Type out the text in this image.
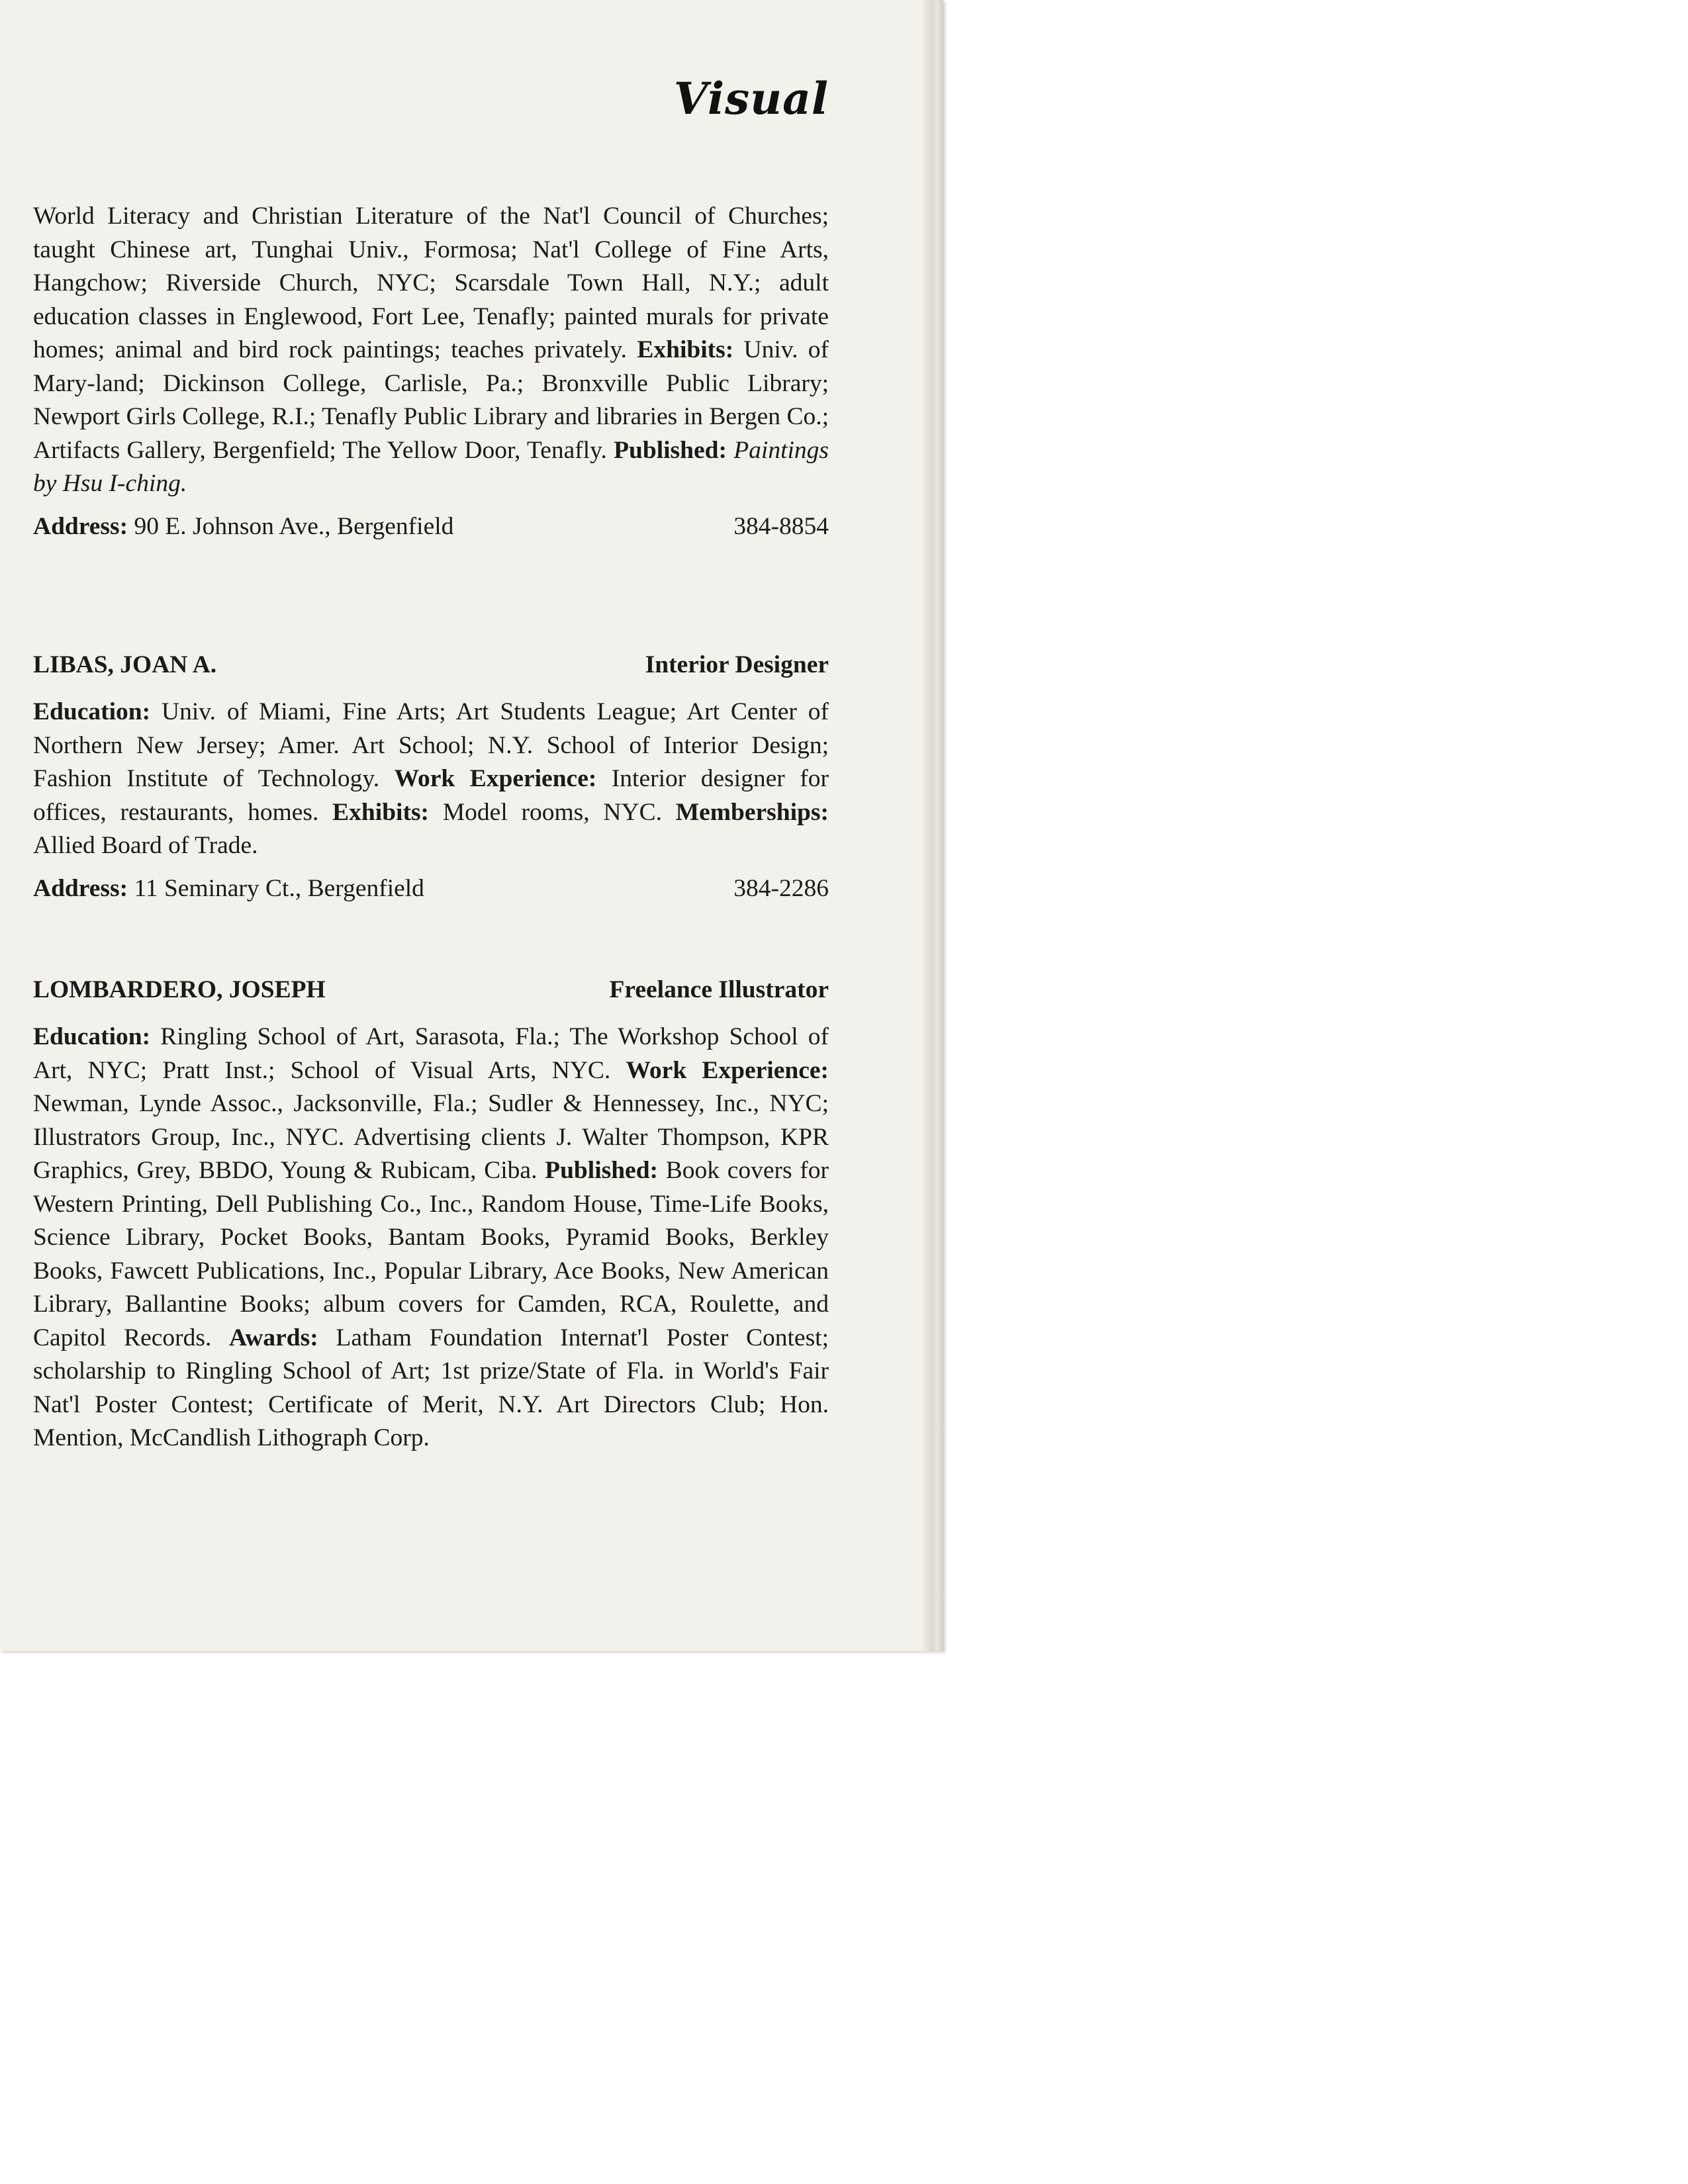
Visual

World Literacy and Christian Literature of the Nat'l Council of Churches; taught Chinese art, Tunghai Univ., Formosa; Nat'l College of Fine Arts, Hangchow; Riverside Church, NYC; Scarsdale Town Hall, N.Y.; adult education classes in Englewood, Fort Lee, Tenafly; painted murals for private homes; animal and bird rock paintings; teaches privately. Exhibits: Univ. of Mary-land; Dickinson College, Carlisle, Pa.; Bronxville Public Library; Newport Girls College, R.I.; Tenafly Public Library and libraries in Bergen Co.; Artifacts Gallery, Bergenfield; The Yellow Door, Tenafly. Published: Paintings by Hsu I-ching.

Address: 90 E. Johnson Ave., Bergenfield	384-8854
LIBAS, JOAN A.	Interior Designer

Education: Univ. of Miami, Fine Arts; Art Students League; Art Center of Northern New Jersey; Amer. Art School; N.Y. School of Interior Design; Fashion Institute of Technology. Work Experience: Interior designer for offices, restaurants, homes. Exhibits: Model rooms, NYC. Memberships: Allied Board of Trade.

Address: 11 Seminary Ct., Bergenfield	384-2286
LOMBARDERO, JOSEPH	Freelance Illustrator

Education: Ringling School of Art, Sarasota, Fla.; The Workshop School of Art, NYC; Pratt Inst.; School of Visual Arts, NYC. Work Experience: Newman, Lynde Assoc., Jacksonville, Fla.; Sudler & Hennessey, Inc., NYC; Illustrators Group, Inc., NYC. Advertising clients J. Walter Thompson, KPR Graphics, Grey, BBDO, Young & Rubicam, Ciba. Published: Book covers for Western Printing, Dell Publishing Co., Inc., Random House, Time-Life Books, Science Library, Pocket Books, Bantam Books, Pyramid Books, Berkley Books, Fawcett Publications, Inc., Popular Library, Ace Books, New American Library, Ballantine Books; album covers for Camden, RCA, Roulette, and Capitol Records. Awards: Latham Foundation Internat'l Poster Contest; scholarship to Ringling School of Art; 1st prize/State of Fla. in World's Fair Nat'l Poster Contest; Certificate of Merit, N.Y. Art Directors Club; Hon. Mention, McCandlish Lithograph Corp.
